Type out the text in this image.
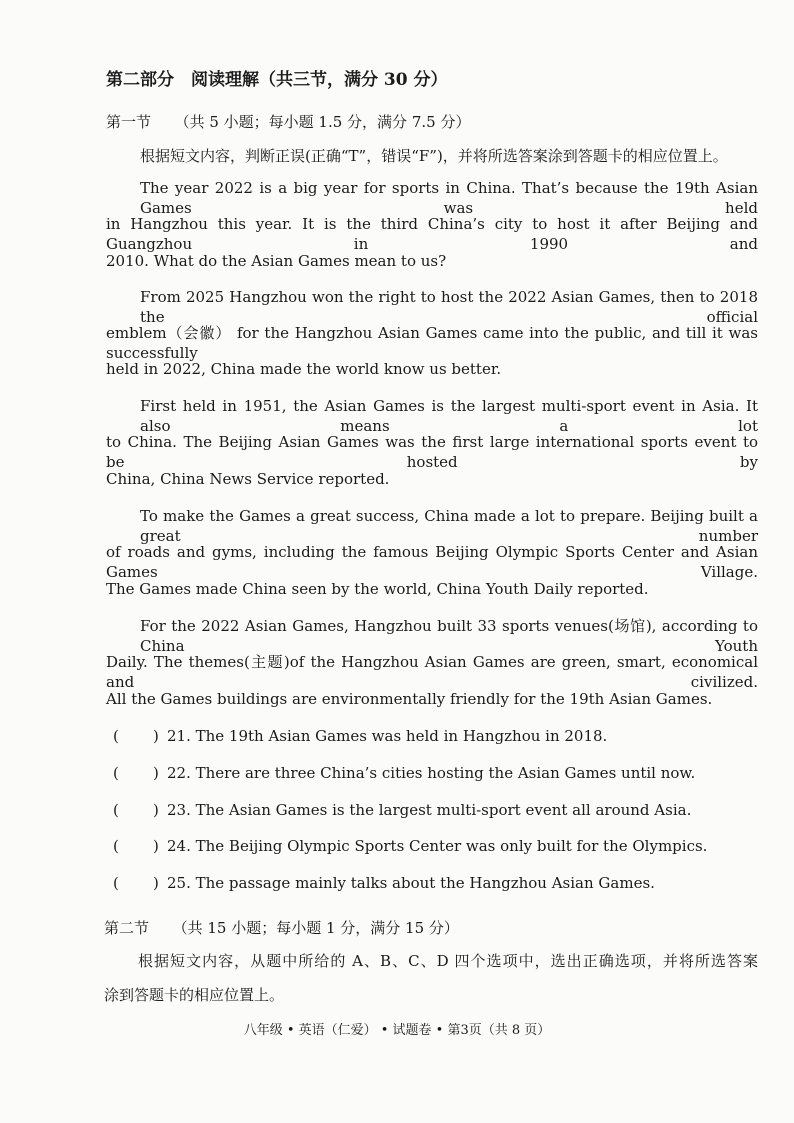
第二部分　阅读理解（共三节，满分 30 分）
第一节 （共 5 小题；每小题 1.5 分，满分 7.5 分）
根据短文内容，判断正误(正确“T”，错误“F”)，并将所选答案涂到答题卡的相应位置上。
The year 2022 is a big year for sports in China. That’s because the 19th Asian Games was held
in Hangzhou this year. It is the third China’s city to host it after Beijing and Guangzhou in 1990 and
2010. What do the Asian Games mean to us?
From 2025 Hangzhou won the right to host the 2022 Asian Games, then to 2018 the official
emblem（会徽） for the Hangzhou Asian Games came into the public, and till it was successfully
held in 2022, China made the world know us better.
First held in 1951, the Asian Games is the largest multi-sport event in Asia. It also means a lot
to China. The Beijing Asian Games was the first large international sports event to be hosted by
China, China News Service reported.
To make the Games a great success, China made a lot to prepare. Beijing built a great number
of roads and gyms, including the famous Beijing Olympic Sports Center and Asian Games Village.
The Games made China seen by the world, China Youth Daily reported.
For the 2022 Asian Games, Hangzhou built 33 sports venues(场馆), according to China Youth
Daily. The themes(主题)of the Hangzhou Asian Games are green, smart, economical and civilized.
All the Games buildings are environmentally friendly for the 19th Asian Games.
( ) 21. The 19th Asian Games was held in Hangzhou in 2018.
( ) 22. There are three China’s cities hosting the Asian Games until now.
( ) 23. The Asian Games is the largest multi-sport event all around Asia.
( ) 24. The Beijing Olympic Sports Center was only built for the Olympics.
( ) 25. The passage mainly talks about the Hangzhou Asian Games.
第二节 （共 15 小题；每小题 1 分，满分 15 分）
根据短文内容，从题中所给的 A、B、C、D 四个选项中，选出正确选项，并将所选答案
涂到答题卡的相应位置上。
八年级 • 英语（仁爱） • 试题卷 • 第3页（共 8 页）
